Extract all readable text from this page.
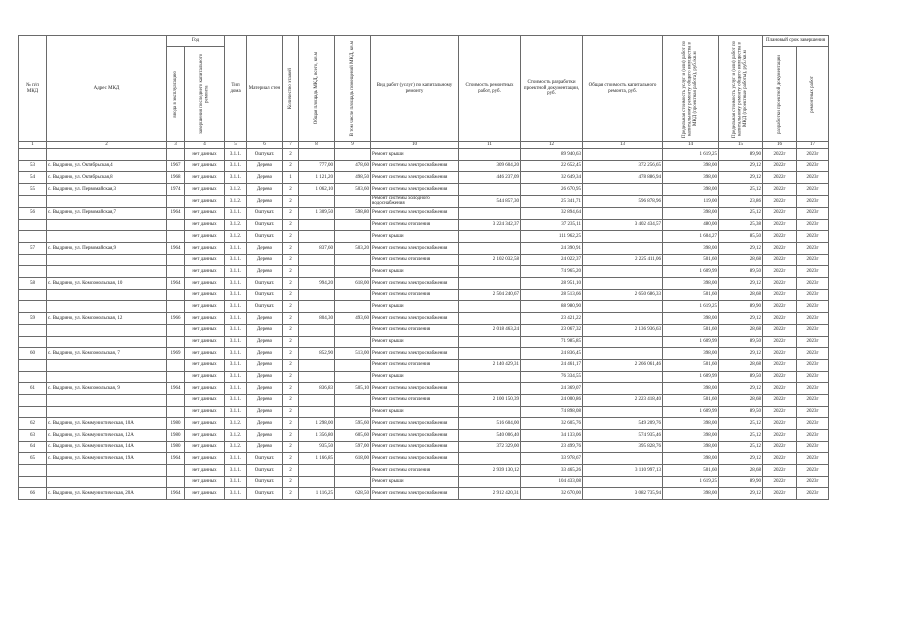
№ п/п МКД	Адрес МКД	Год		Тип дома	Материал стен	Количество этажей	Общая площадь МКД, всего, кв.м	В том числе площадь помещений МКД, кв.м	Вид работ (услуг) по капитальному ремонту	Стоимость ремонтных работ, руб.	Стоимость разработки проектной документации, руб.	Общая стоимость капитального ремонта, руб.	Предельная стоимость услуг и (или) работ по капитальному ремонту общего имущества в МКД (проектная работа), руб./кв.м	Предельная стоимость услуг и (или) работ по капитальному ремонту общего имущества в МКД (проектные работы), руб./кв.м	Плановый срок завершения	

		ввода в эксплуатацию	завершения последнего капитального ремонта												разработки проектной документации	ремонтных работ

1	2	3	4	5	6	7	8	9	10	11	12	13	14	15	16	17
			нет данных	3.1.1.	Оштукат.	2			Ремонт крыши		89 940,63		1 619,25	89,90	2022г	2023г
53	с. Выдрино, ул. Октябрьская,4	1967	нет данных	3.1.1.	Дерево	2	777,00	478,60	Ремонт системы электроснабжения	309 604,20	22 652,45	372 256,65	398,00	29,12	2022г	2023г
54	с. Выдрино, ул. Октябрьская,8	1968	нет данных	3.1.1.	Дерево	1	1 121,20	498,50	Ремонт системы электроснабжения	446 237,09	32 649,34	478 886,94	398,00	29,12	2022г	2023г
55	с. Выдрино, ул. Первомайская,3	1974	нет данных	3.1.2.	Дерево	2	1 062,10	503,60	Ремонт системы электроснабжения		26 670,95		398,00	25,12	2022г	2023г
			нет данных	3.1.2.	Дерево	2			Ремонт системы холодного водоснабжения	544 857,30	25 341,71	596 878,96	119,00	23,86	2022г	2023г
56	с. Выдрино, ул. Первомайская,7	1964	нет данных	3.1.1.	Оштукат.	2	1 309,50	598,80	Ремонт системы электроснабжения		32 894,64		398,00	25,12	2022г	2023г
			нет данных	3.1.2.	Оштукат.	2			Ремонт системы отопления	3 224 342,37	37 235,11	3 402 434,57	480,00	25,38	2022г	2023г
			нет данных	3.1.2.	Оштукат.	2			Ремонт крыши		111 962,25		1 604,27	85,50	2022г	2023г
57	с. Выдрино, ул. Первомайская,9	1964	нет данных	3.1.1.	Дерево	2	837,60	503,20	Ремонт системы электроснабжения		24 390,91		398,00	29,12	2022г	2023г
			нет данных	3.1.1.	Дерево	2			Ремонт системы отопления	2 102 032,58	24 022,37	2 225 411,06	501,60	28,68	2022г	2023г
			нет данных	3.1.1.	Дерево	2			Ремонт крыши		74 965,20		1 609,99	89,50	2022г	2023г
58	с. Выдрино, ул. Комсомольская, 10	1964	нет данных	3.1.1.	Оштукат.	2	994,20	618,00	Ремонт системы электроснабжения		28 951,10		398,00	29,12	2022г	2023г
			нет данных	3.1.1.	Оштукат.	2			Ремонт системы отопления	2 504 240,67	28 513,66	2 650 686,33	501,60	28,68	2022г	2023г
			нет данных	3.1.1.	Оштукат.	2			Ремонт крыши		88 980,90		1 619,25	89,90	2022г	2023г
59	с. Выдрино, ул. Комсомольская, 12	1966	нет данных	3.1.1.	Дерево	2	804,30	493,60	Ремонт системы электроснабжения		23 421,22		398,00	29,12	2022г	2023г
			нет данных	3.1.1.	Дерево	2			Ремонт системы отопления	2 018 463,24	23 067,32	2 136 936,63	501,60	28,68	2022г	2023г
			нет данных	3.1.1.	Дерево	2			Ремонт крыши		71 985,85		1 609,99	89,50	2022г	2023г
60	с. Выдрино, ул. Комсомольская, 7	1969	нет данных	3.1.1.	Дерево	2	852,90	513,00	Ремонт системы электроснабжения		24 836,45		398,00	29,12	2022г	2023г
			нет данных	3.1.1.	Дерево	2			Ремонт системы отопления	2 140 429,31	24 461,17	2 266 061,46	501,60	28,68	2022г	2023г
			нет данных	3.1.1.	Дерево	2			Ремонт крыши		76 334,55		1 609,99	89,50	2022г	2023г
61	с. Выдрино, ул. Комсомольская, 9	1964	нет данных	3.1.1.	Дерево	2	836,83	505,10	Ремонт системы электроснабжения		24 369,07		398,00	29,12	2022г	2023г
			нет данных	3.1.1.	Дерево	2			Ремонт системы отопления	2 100 150,39	24 000,86	2 223 418,40	501,60	28,68	2022г	2023г
			нет данных	3.1.1.	Дерево	2			Ремонт крыши		74 898,08		1 609,99	89,50	2022г	2023г
62	с. Выдрино, ул. Коммунистическая, 10А	1980	нет данных	3.1.2.	Дерево	2	1 298,00	595,60	Ремонт системы электроснабжения	516 604,00	32 605,76	549 209,76	398,00	25,12	2022г	2023г
63	с. Выдрино, ул. Коммунистическая, 12А	1980	нет данных	3.1.2.	Дерево	2	1 356,80	605,60	Ремонт системы электроснабжения	540 006,40	34 133,06	574 935,46	398,00	25,12	2022г	2023г
64	с. Выдрино, ул. Коммунистическая, 14А	1980	нет данных	3.1.2.	Дерево	2	935,50	597,00	Ремонт системы электроснабжения	372 329,00	23 499,76	395 828,76	398,00	25,12	2022г	2023г
65	с. Выдрино, ул. Коммунистическая, 19А	1964	нет данных	3.1.1.	Оштукат.	2	1 166,85	618,00	Ремонт системы электроснабжения		33 978,67		398,00	29,12	2022г	2023г
			нет данных	3.1.1.	Оштукат.	2			Ремонт системы отопления	2 939 130,12	33 465,26	3 110 997,13	501,60	28,68	2022г	2023г
			нет данных	3.1.1.	Оштукат.	2			Ремонт крыши		104 433,08		1 619,25	89,90	2022г	2023г
66	с. Выдрино, ул. Коммунистическая, 20А	1964	нет данных	3.1.1.	Оштукат.	2	1 116,25	628,50	Ремонт системы электроснабжения	2 912 420,31	32 670,00	3 082 735,94	398,00	29,12	2022г	2023г
